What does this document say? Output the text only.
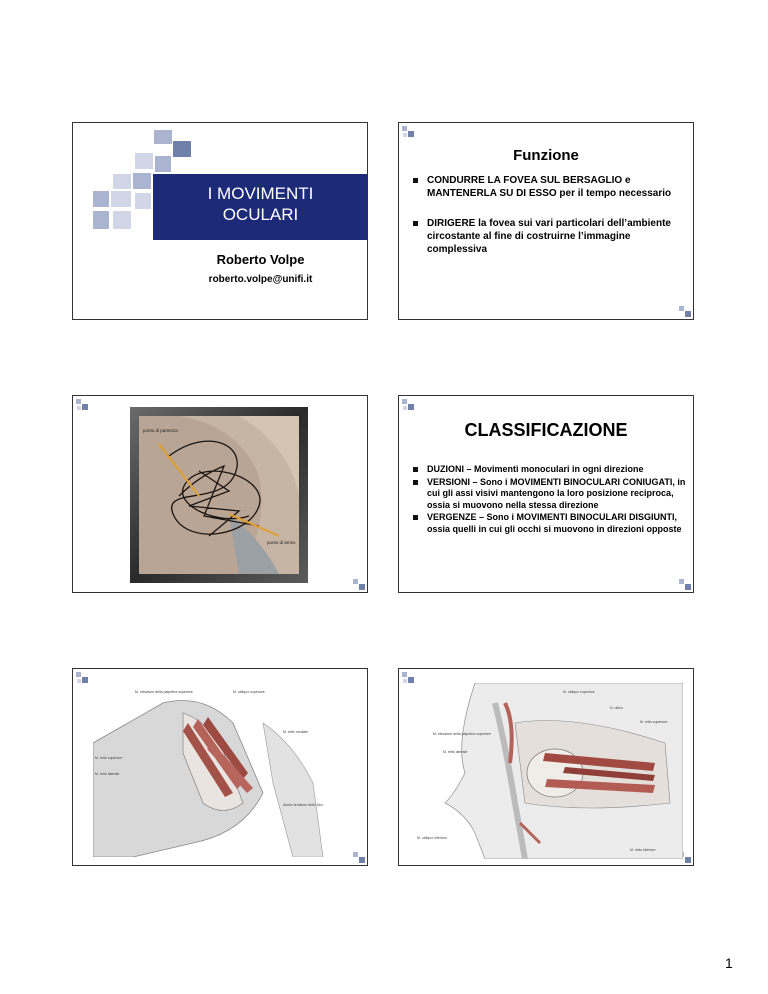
I MOVIMENTI
OCULARI
Roberto Volpe
roberto.volpe@unifi.it
Funzione
CONDURRE LA FOVEA SUL BERSAGLIO e MANTENERLA SU DI ESSO per il tempo necessario
DIRIGERE la fovea sui vari particolari dell’ambiente circostante al fine di costruirne l’immagine complessiva
punto di partenza
punto di arrivo
CLASSIFICAZIONE
DUZIONI – Movimenti monoculari in ogni direzione
VERSIONI – Sono i MOVIMENTI BINOCULARI CONIUGATI, in cui gli assi visivi mantengono la loro posizione reciproca, ossia si muovono nella stessa direzione
VERGENZE – Sono i MOVIMENTI BINOCULARI DISGIUNTI, ossia quelli in cui gli occhi si muovono in direzioni opposte
M. elevatore della palpebra superiore	M. obliquo superiore
M. retto mediale
M. retto superiore
M. retto laterale
Anello tendineo dello Zinn
M. obliquo superiore
N. ottico
M. retto superiore
M. elevatore della palpebra superiore
M. retto laterale
M. obliquo inferiore
M. retto inferiore
1
